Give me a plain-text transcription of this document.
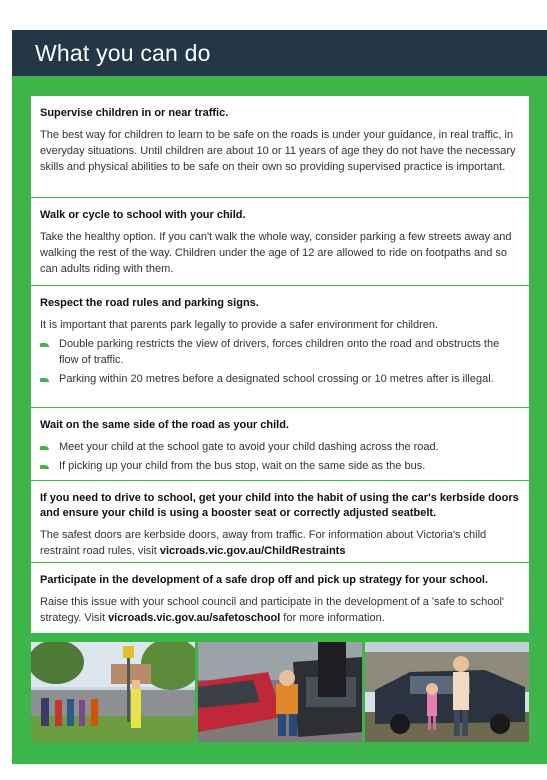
What you can do
Supervise children in or near traffic.
The best way for children to learn to be safe on the roads is under your guidance, in real traffic, in everyday situations. Until children are about 10 or 11 years of age they do not have the necessary skills and physical abilities to be safe on their own so providing supervised practice is important.
Walk or cycle to school with your child.
Take the healthy option. If you can't walk the whole way, consider parking a few streets away and walking the rest of the way. Children under the age of 12 are allowed to ride on footpaths and so can adults riding with them.
Respect the road rules and parking signs.
It is important that parents park legally to provide a safer environment for children.
Double parking restricts the view of drivers, forces children onto the road and obstructs the flow of traffic.
Parking within 20 metres before a designated school crossing or 10 metres after is illegal.
Wait on the same side of the road as your child.
Meet your child at the school gate to avoid your child dashing across the road.
If picking up your child from the bus stop, wait on the same side as the bus.
If you need to drive to school, get your child into the habit of using the car's kerbside doors and ensure your child is using a booster seat or correctly adjusted seatbelt.
The safest doors are kerbside doors, away from traffic. For information about Victoria's child restraint road rules, visit vicroads.vic.gov.au/ChildRestraints
Participate in the development of a safe drop off and pick up strategy for your school.
Raise this issue with your school council and participate in the development of a 'safe to school' strategy. Visit vicroads.vic.gov.au/safetoschool for more information.
